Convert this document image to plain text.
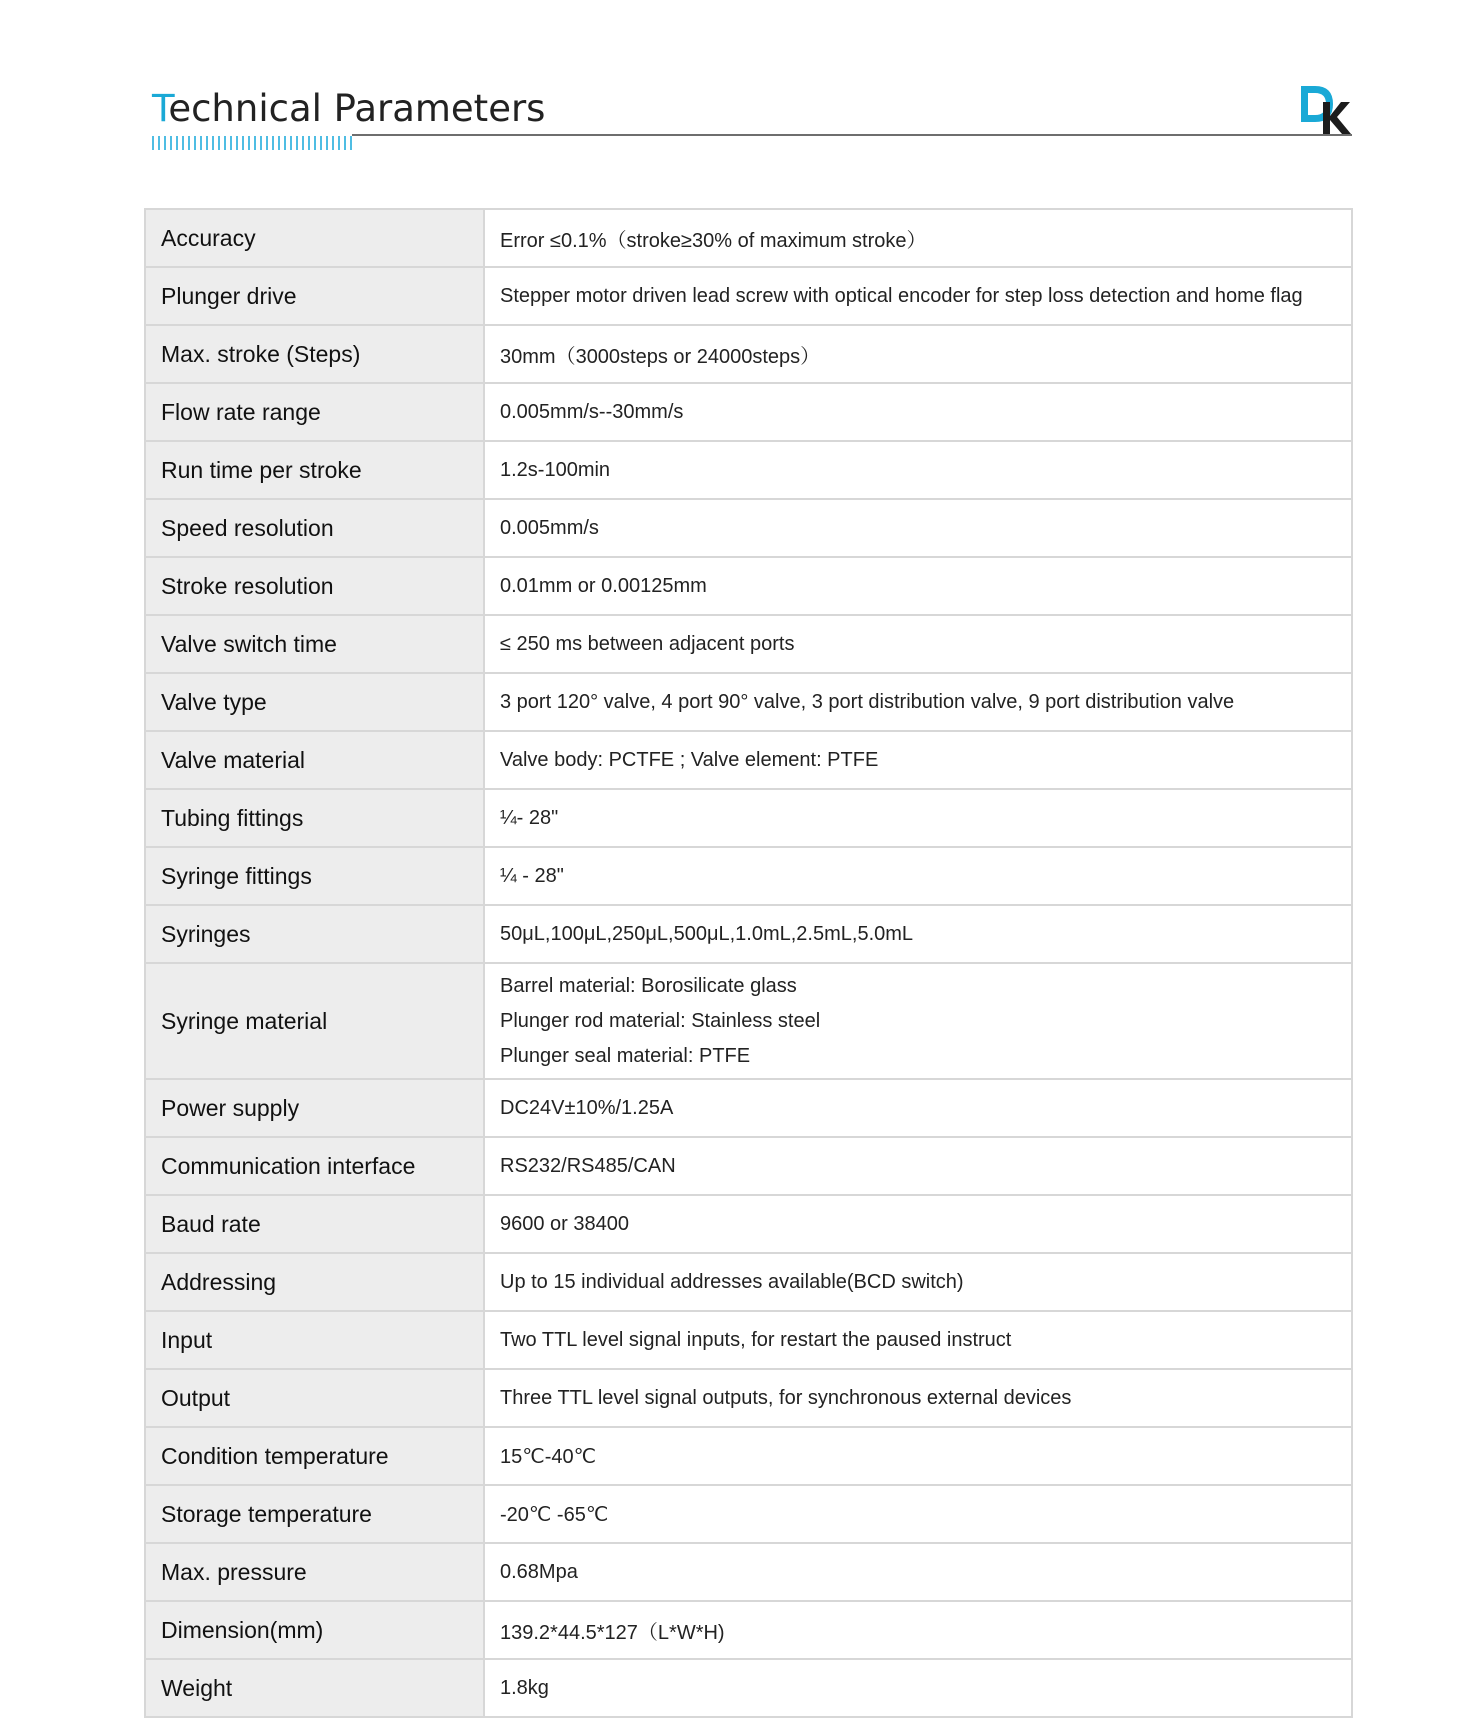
Technical Parameters
Accuracy	Error ≤0.1%（stroke≥30% of maximum stroke）
Plunger drive	Stepper motor driven lead screw with optical encoder for step loss detection and home flag
Max. stroke (Steps)	30mm（3000steps or 24000steps）
Flow rate range	0.005mm/s--30mm/s
Run time per stroke	1.2s-100min
Speed resolution	0.005mm/s
Stroke resolution	0.01mm or 0.00125mm
Valve switch time	≤ 250 ms between adjacent ports
Valve type	3 port 120° valve, 4 port 90° valve, 3 port distribution valve, 9 port distribution valve
Valve material	Valve body: PCTFE ; Valve element: PTFE
Tubing fittings	¼- 28"
Syringe fittings	¼ - 28"
Syringes	50μL,100μL,250μL,500μL,1.0mL,2.5mL,5.0mL
Syringe material	Barrel material: Borosilicate glass
Plunger rod material: Stainless steel
Plunger seal material: PTFE

Power supply	DC24V±10%/1.25A
Communication interface	RS232/RS485/CAN
Baud rate	9600 or 38400
Addressing	Up to 15 individual addresses available(BCD switch)
Input	Two TTL level signal inputs, for restart the paused instruct
Output	Three TTL level signal outputs, for synchronous external devices
Condition temperature	15℃-40℃
Storage temperature	-20℃ -65℃
Max. pressure	0.68Mpa
Dimension(mm)	139.2*44.5*127（L*W*H)
Weight	1.8kg
